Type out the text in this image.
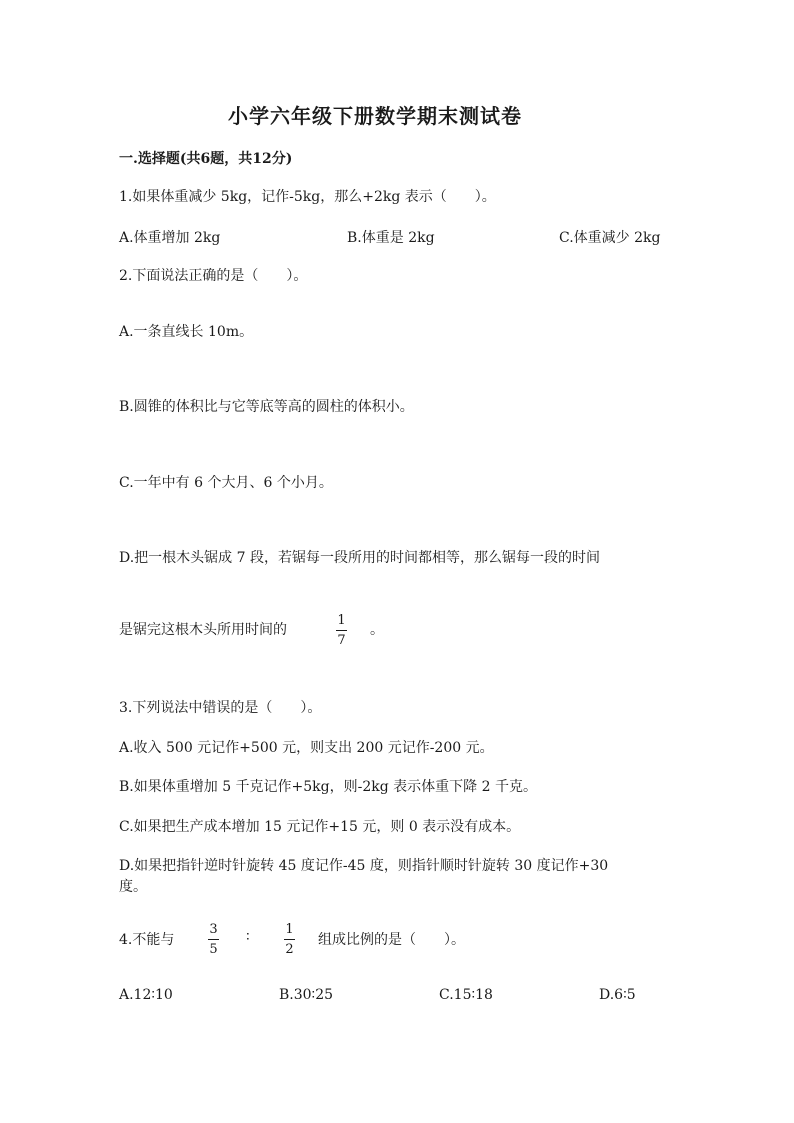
小学六年级下册数学期末测试卷
一.选择题(共6题，共12分)
1.如果体重减少 5kg，记作-5kg，那么+2kg 表示（　　）。
A.体重增加 2kg	B.体重是 2kg	C.体重减少 2kg
2.下面说法正确的是（　　）。
A.一条直线长 10m。
B.圆锥的体积比与它等底等高的圆柱的体积小。
C.一年中有 6 个大月、6 个小月。
D.把一根木头锯成 7 段，若锯每一段所用的时间都相等，那么锯每一段的时间
是锯完这根木头所用时间的
1
7
。
3.下列说法中错误的是（　　）。
A.收入 500 元记作+500 元，则支出 200 元记作-200 元。
B.如果体重增加 5 千克记作+5kg，则-2kg 表示体重下降 2 千克。
C.如果把生产成本增加 15 元记作+15 元，则 0 表示没有成本。
D.如果把指针逆时针旋转 45 度记作-45 度，则指针顺时针旋转 30 度记作+30
度。
4.不能与
3
5
∶	1
2
组成比例的是（　　）。
A.12∶10	B.30∶25	C.15∶18	D.6∶5
